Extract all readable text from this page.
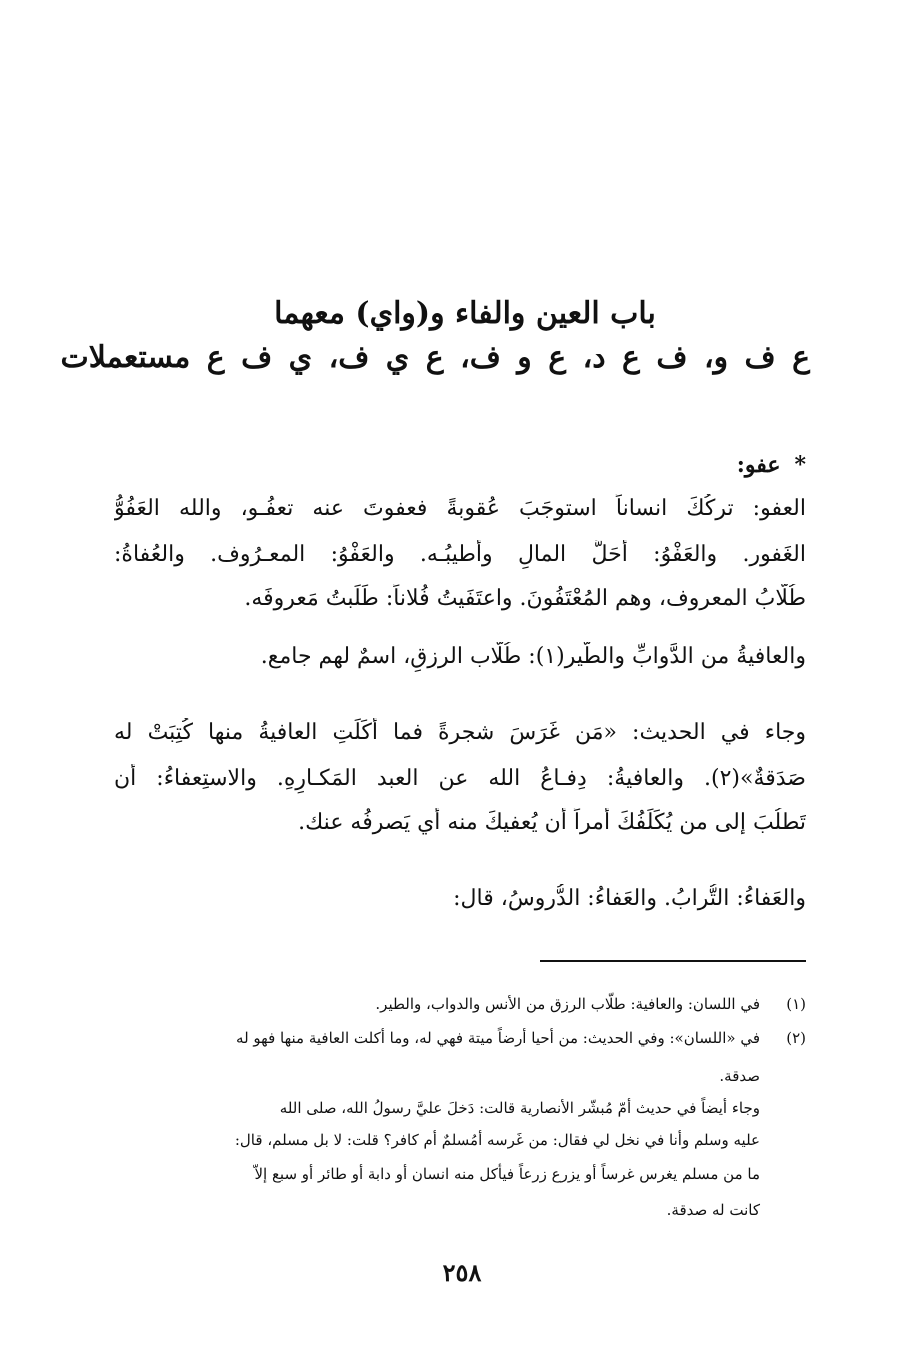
باب العين والفاء و(واي) معهما
ع ف و، ف ع د، ع و ف، ع ي ف، ي ف ع مستعملات
*عفو:
العفو: تركُكَ انساناً استوجَبَ عُقوبةً فعفوتَ عنه تعفُـو، والله العَفُوُّ
الغَفور. والعَفْوُ: أحَلُّ المالِ وأطيبُـه. والعَفْوُ: المعـرُوف. والعُفاةُ:
طُلّابُ المعروف، وهم المُعْتَفُونَ. واعتَفَيتُ فُلاناً: طَلَبتُ مَعروفَه.
والعافيةُ من الدَّوابِّ والطَّير(١): طُلّاب الرزقِ، اسمٌ لهم جامع.
وجاء في الحديث: «مَن غَرَسَ شجرةً فما أكَلَتِ العافيةُ منها كُتِبَتْ له
صَدَقةٌ»(٢). والعافيةُ: دِفـاعُ الله عن العبد المَكـارِهِ. والاستِعفاءُ: أن
تَطلُبَ إلى من يُكَلِّفُكَ أمراً أن يُعفيكَ منه أي يَصرفُه عنك.
والعَفاءُ: التُّرابُ. والعَفاءُ: الدُّروسُ، قال:
(١)في اللسان: والعافية: طلّاب الرزق من الأنس والدواب، والطير.
(٢)في «اللسان»: وفي الحديث: من أحيا أرضاً ميتة فهي له، وما أكلت العافية منها فهو له
صدقة.
وجاء أيضاً في حديث أمّ مُبشّر الأنصارية قالت: دَخلَ عليَّ رسولُ الله، صلى الله
عليه وسلم وأنا في نخل لي فقال: من غَرسه أمُسلمٌ أم كافر؟ قلت: لا بل مسلم، قال:
ما من مسلم يغرس غرساً أو يزرع زرعاً فيأكل منه انسان أو دابة أو طائر أو سبع إلاّ
كانت له صدقة.
٢٥٨
